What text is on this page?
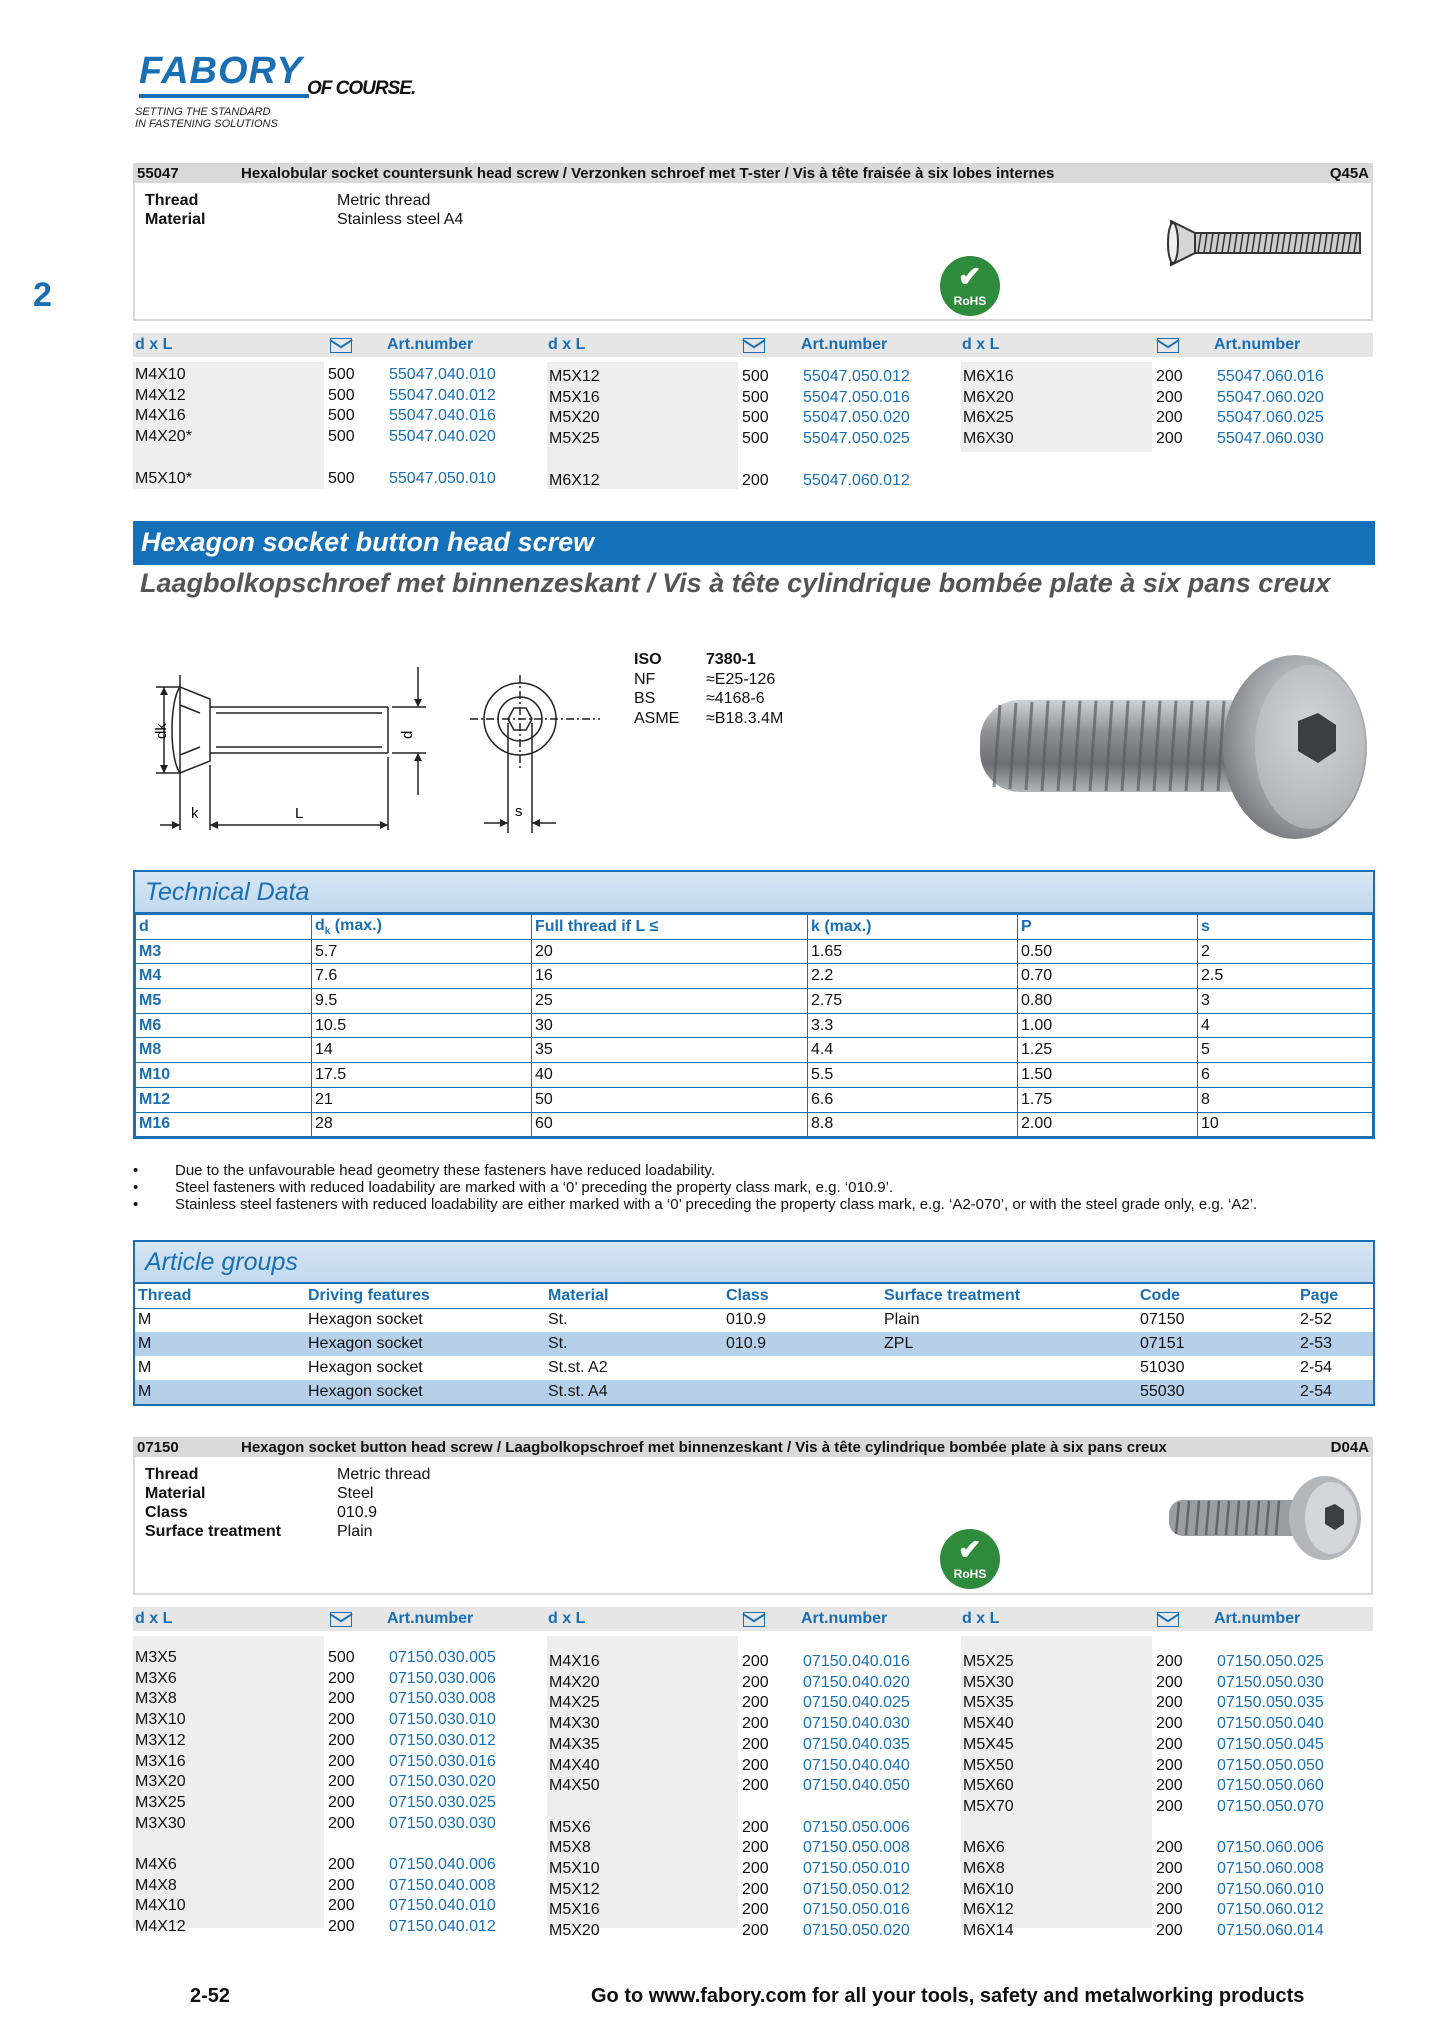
FABORY OF COURSE.
SETTING THE STANDARD
IN FASTENING SOLUTIONS
2
55047	Hexalobular socket countersunk head screw / Verzonken schroef met T-ster / Vis à tête fraisée à six lobes internes	Q45A
Thread	Metric thread
Material	Stainless steel A4
✔
RoHS
d x L	Art.number	d x L	Art.number	d x L	Art.number
M4X10	500 55047.040.010
M4X12	500 55047.040.012
M4X16	500 55047.040.016
M4X20*	500 55047.040.020
M5X10*	500 55047.050.010
M5X12	500 55047.050.012
M5X16	500 55047.050.016
M5X20	500 55047.050.020
M5X25	500 55047.050.025
M6X12	200 55047.060.012
M6X16	200 55047.060.016
M6X20	200 55047.060.020
M6X25	200 55047.060.025
M6X30	200 55047.060.030
Hexagon socket button head screw
Laagbolkopschroef met binnenzeskant / Vis à tête cylindrique bombée plate à six pans creux
dk	d
k	L	s
ISO	7380-1
NF	≈E25-126
BS	≈4168-6
ASME ≈B18.3.4M
Technical Data
d	$d_k$ (max.)	Full thread if L ≤	k (max.)	P	s
M3	5.7	20	1.65	0.50	2
M4	7.6	16	2.2	0.70	2.5
M5	9.5	25	2.75	0.80	3
M6	10.5	30	3.3	1.00	4
M8	14	35	4.4	1.25	5
M10	17.5	40	5.5	1.50	6
M12	21	50	6.6	1.75	8
M16	28	60	8.8	2.00	10
•	Due to the unfavourable head geometry these fasteners have reduced loadability.
•	Steel fasteners with reduced loadability are marked with a ‘0’ preceding the property class mark, e.g. ‘010.9’.
•	Stainless steel fasteners with reduced loadability are either marked with a ‘0’ preceding the property class mark, e.g. ‘A2-070’, or with the steel grade only, e.g. ‘A2’.
Article groups
Thread	Driving features	Material	Class	Surface treatment	Code	Page
M	Hexagon socket	St.	010.9	Plain	07150	2-52
M	Hexagon socket	St.	010.9	ZPL	07151	2-53
M	Hexagon socket	St.st. A2			51030	2-54
M	Hexagon socket	St.st. A4			55030	2-54
07150	Hexagon socket button head screw / Laagbolkopschroef met binnenzeskant / Vis à tête cylindrique bombée plate à six pans creux	D04A
Thread	Metric thread
Material	Steel
Class	010.9
Surface treatment	Plain
✔
RoHS
d x L	Art.number	d x L	Art.number	d x L	Art.number
M3X5	500 07150.030.005
M3X6	200 07150.030.006
M3X8	200 07150.030.008
M3X10	200 07150.030.010
M3X12	200 07150.030.012
M3X16	200 07150.030.016
M3X20	200 07150.030.020
M3X25	200 07150.030.025
M3X30	200 07150.030.030
M4X6	200 07150.040.006
M4X8	200 07150.040.008
M4X10	200 07150.040.010
M4X12	200 07150.040.012
M4X16	200 07150.040.016
M4X20	200 07150.040.020
M4X25	200 07150.040.025
M4X30	200 07150.040.030
M4X35	200 07150.040.035
M4X40	200 07150.040.040
M4X50	200 07150.040.050
M5X6	200 07150.050.006
M5X8	200 07150.050.008
M5X10	200 07150.050.010
M5X12	200 07150.050.012
M5X16	200 07150.050.016
M5X20	200 07150.050.020
M5X25	200 07150.050.025
M5X30	200 07150.050.030
M5X35	200 07150.050.035
M5X40	200 07150.050.040
M5X45	200 07150.050.045
M5X50	200 07150.050.050
M5X60	200 07150.050.060
M5X70	200 07150.050.070
M6X6	200 07150.060.006
M6X8	200 07150.060.008
M6X10	200 07150.060.010
M6X12	200 07150.060.012
M6X14	200 07150.060.014
2-52	Go to www.fabory.com for all your tools, safety and metalworking products
